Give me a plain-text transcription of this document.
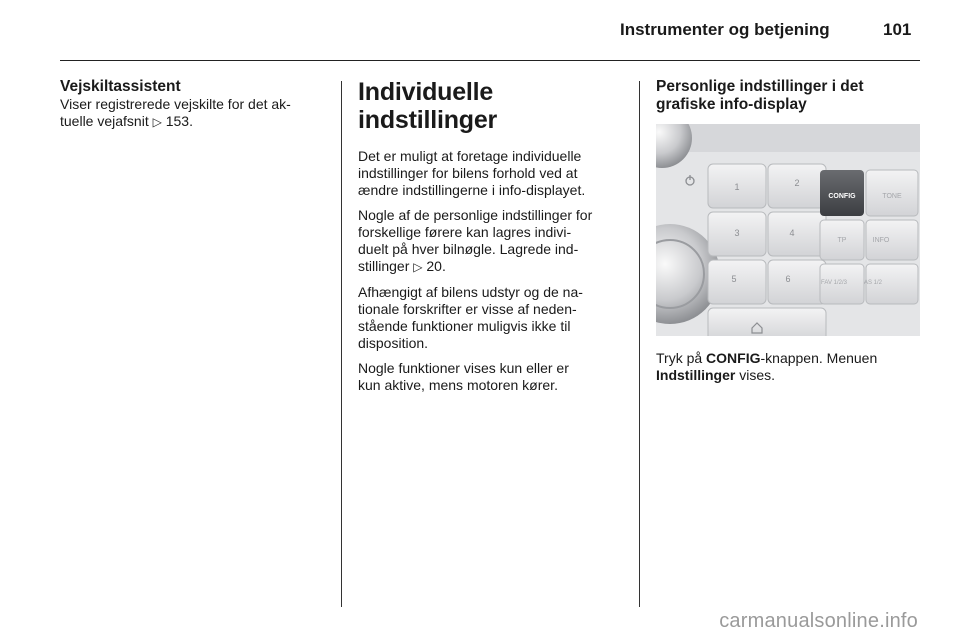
Instrumenter og betjening	101
Vejskiltassistent
Viser registrerede vejskilte for det ak-
tuelle vejafsnit ▷ 153.
Individuelle indstillinger

Det er muligt at foretage individuelle
indstillinger for bilens forhold ved at
ændre indstillingerne i info-displayet.

Nogle af de personlige indstillinger for
forskellige førere kan lagres indivi-
duelt på hver bilnøgle. Lagrede ind-
stillinger ▷ 20.

Afhængigt af bilens udstyr og de na-
tionale forskrifter er visse af neden-
stående funktioner muligvis ikke til
disposition.

Nogle funktioner vises kun eller er
kun aktive, mens motoren kører.

Personlige indstillinger i det
grafiske info-display
1	2
3	4
5	6
CONFIG	TONE
TP	INFO
FAV 1/2/3	AS 1/2

Tryk på CONFIG-knappen. Menuen
Indstillinger vises.

carmanualsonline.info
